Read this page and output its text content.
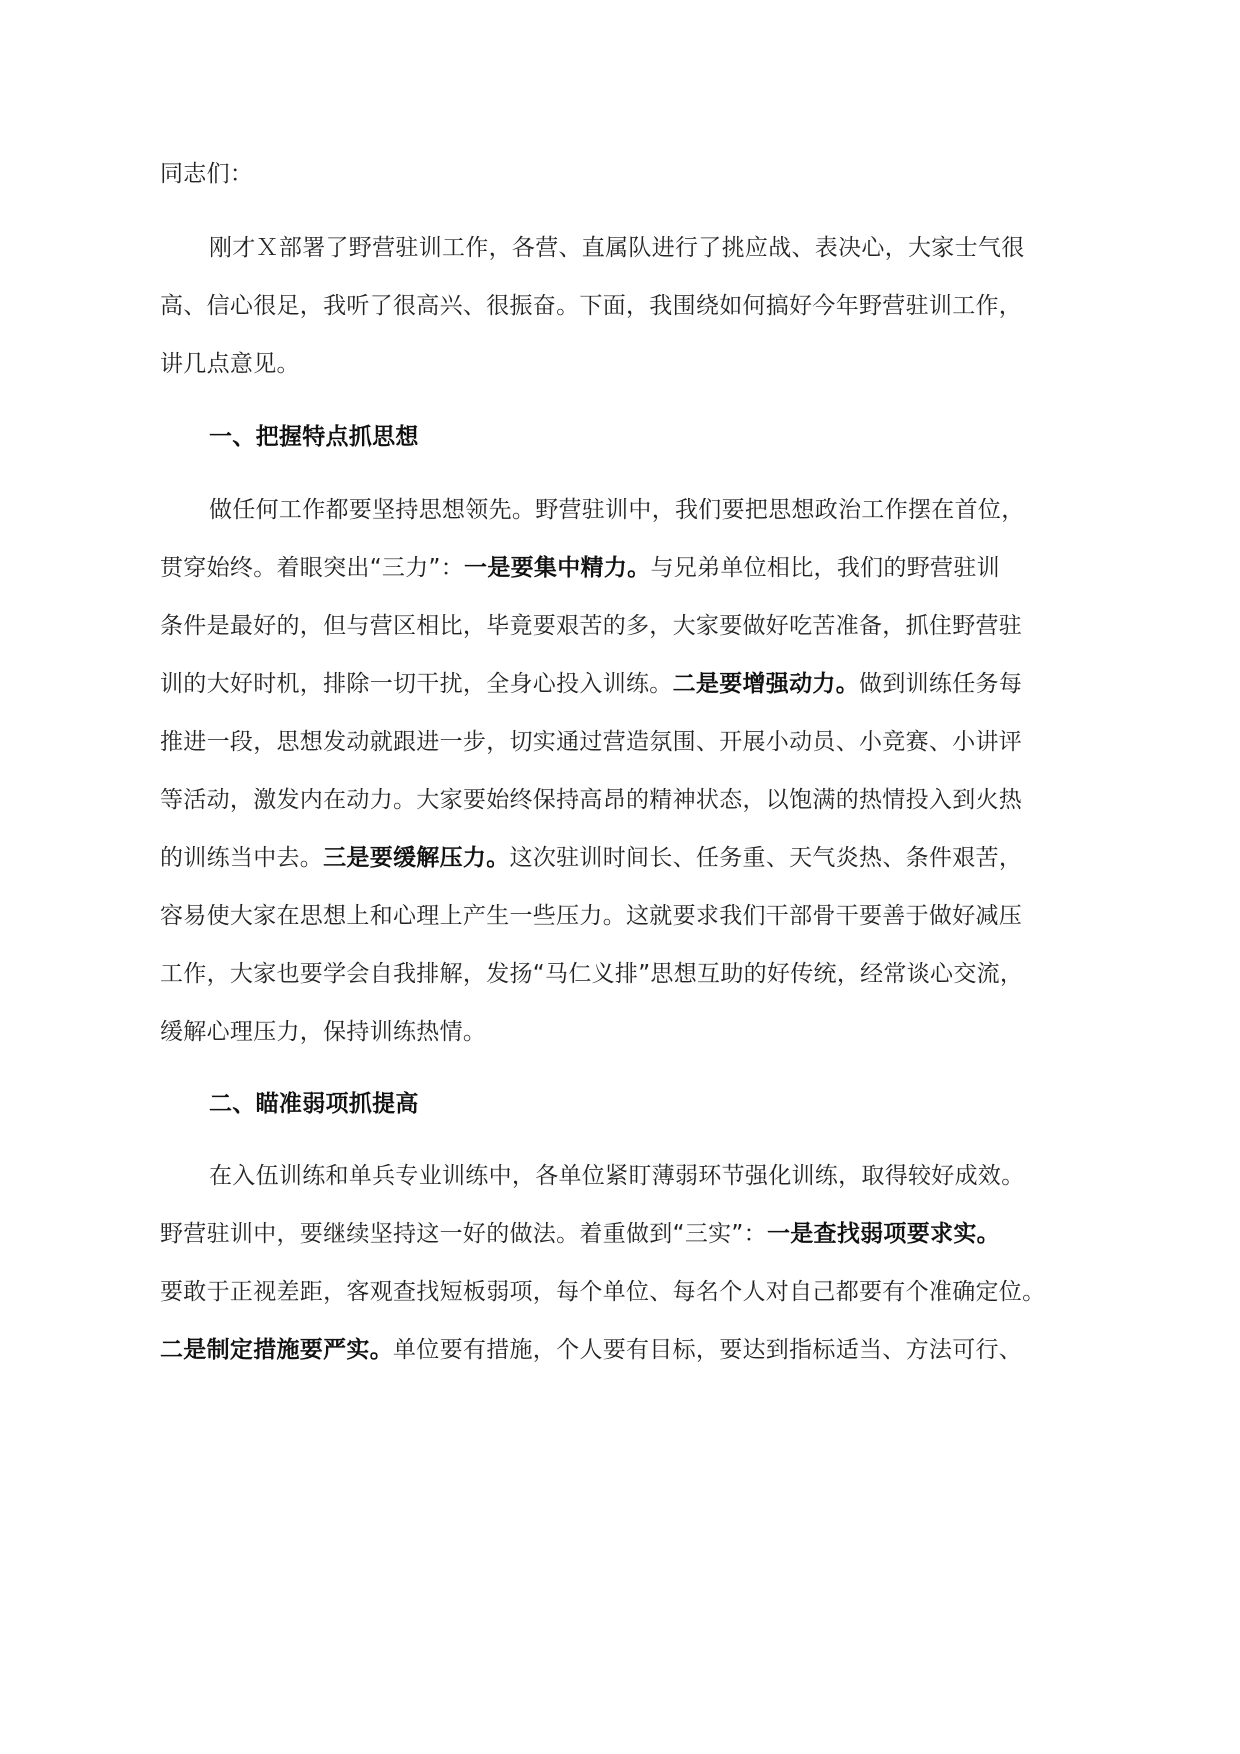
同志们：
刚才Ｘ部署了野营驻训工作，各营、直属队进行了挑应战、表决心，大家士气很
高、信心很足，我听了很高兴、很振奋。下面，我围绕如何搞好今年野营驻训工作，
讲几点意见。
一、把握特点抓思想
做任何工作都要坚持思想领先。野营驻训中，我们要把思想政治工作摆在首位，
贯穿始终。着眼突出“三力”：一是要集中精力。与兄弟单位相比，我们的野营驻训
条件是最好的，但与营区相比，毕竟要艰苦的多，大家要做好吃苦准备，抓住野营驻
训的大好时机，排除一切干扰，全身心投入训练。二是要增强动力。做到训练任务每
推进一段，思想发动就跟进一步，切实通过营造氛围、开展小动员、小竞赛、小讲评
等活动，激发内在动力。大家要始终保持高昂的精神状态，以饱满的热情投入到火热
的训练当中去。三是要缓解压力。这次驻训时间长、任务重、天气炎热、条件艰苦，
容易使大家在思想上和心理上产生一些压力。这就要求我们干部骨干要善于做好减压
工作，大家也要学会自我排解，发扬“马仁义排”思想互助的好传统，经常谈心交流，
缓解心理压力，保持训练热情。
二、瞄准弱项抓提高
在入伍训练和单兵专业训练中，各单位紧盯薄弱环节强化训练，取得较好成效。
野营驻训中，要继续坚持这一好的做法。着重做到“三实”：一是查找弱项要求实。
要敢于正视差距，客观查找短板弱项，每个单位、每名个人对自己都要有个准确定位。
二是制定措施要严实。单位要有措施，个人要有目标，要达到指标适当、方法可行、
